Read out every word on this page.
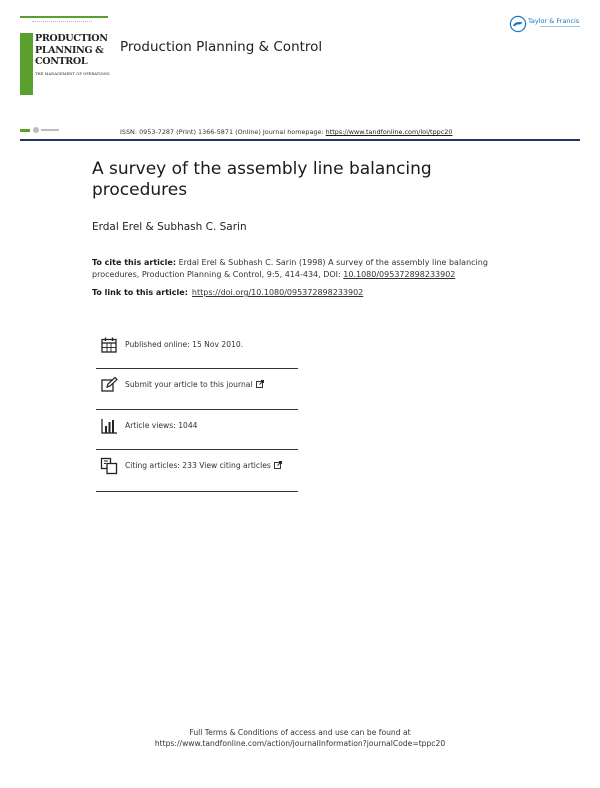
PRODUCTION
PLANNING &
CONTROL
THE MANAGEMENT OF OPERATIONS
Production Planning & Control
Taylor & Francis
ISSN: 0953-7287 (Print) 1366-5871 (Online) Journal homepage: https://www.tandfonline.com/loi/tppc20
A survey of the assembly line balancing procedures
Erdal Erel & Subhash C. Sarin
To cite this article: Erdal Erel & Subhash C. Sarin (1998) A survey of the assembly line balancing procedures, Production Planning & Control, 9:5, 414-434, DOI: 10.1080/095372898233902
To link to this article: https://doi.org/10.1080/095372898233902
Published online: 15 Nov 2010.
Submit your article to this journal
Article views: 1044
Citing articles: 233 View citing articles
Full Terms & Conditions of access and use can be found at
https://www.tandfonline.com/action/journalInformation?journalCode=tppc20
